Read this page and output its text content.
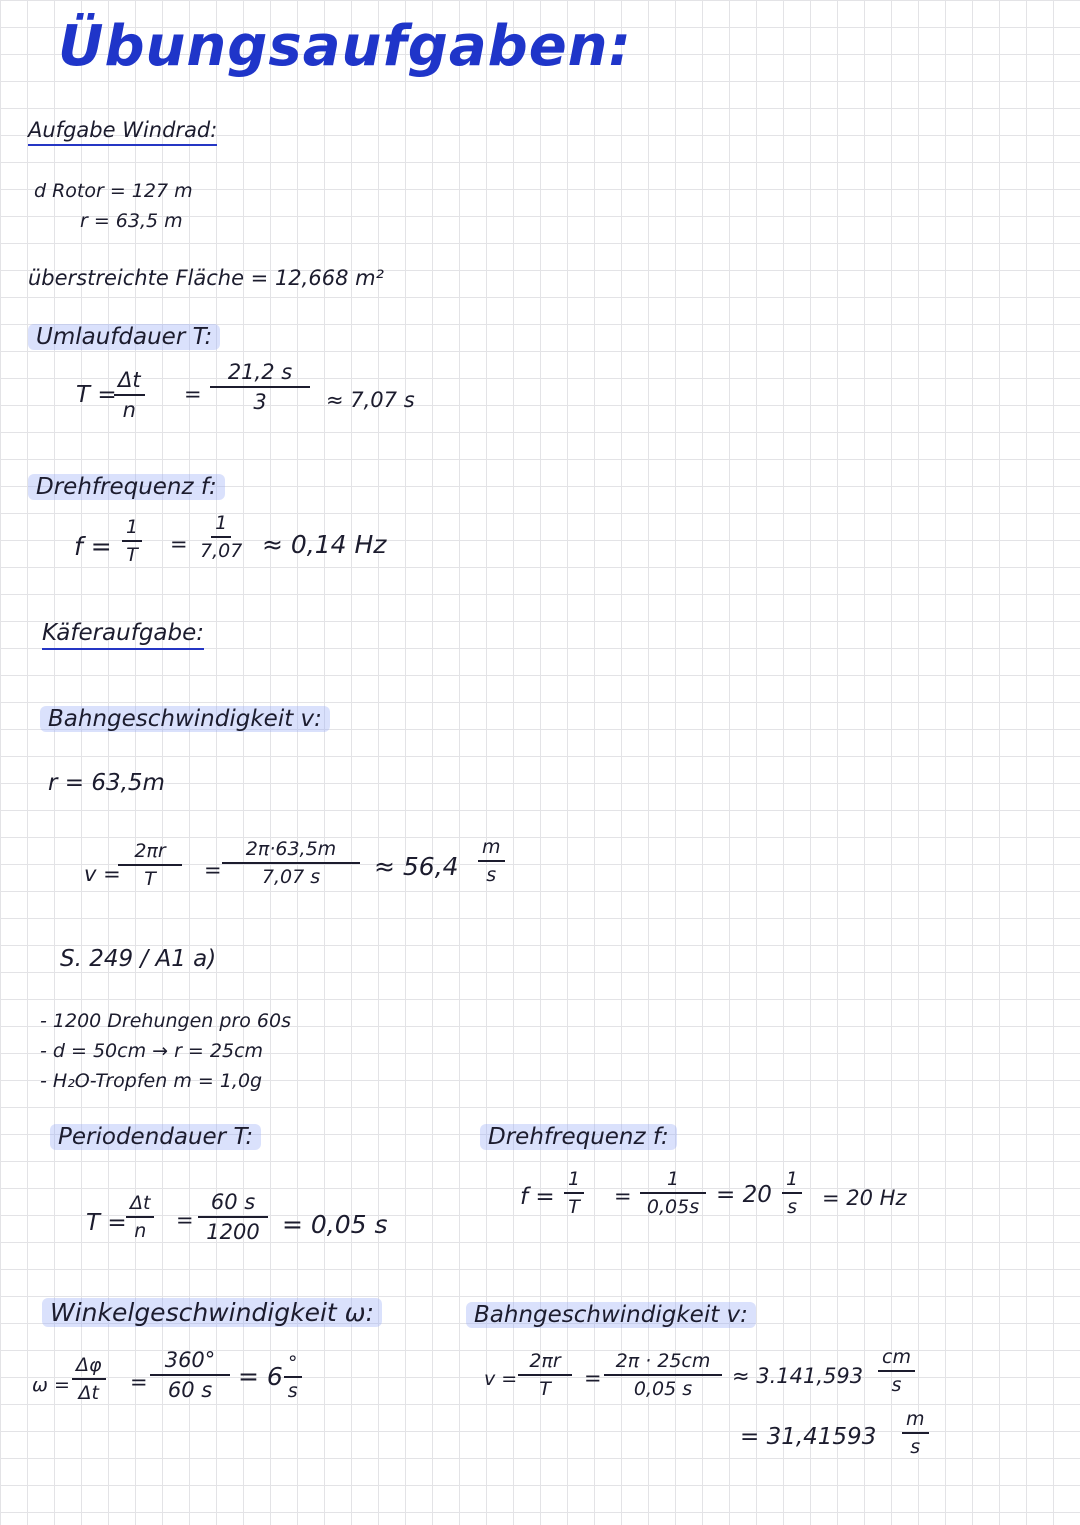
Übungsaufgaben:
Aufgabe Windrad:
d Rotor = 127 m
r = 63,5 m
überstreichte Fläche = 12,668 m²
Umlaufdauer T:
T =
$\frac{\Delta t}{n} = \frac{21,2 s}{3} \approx 7,07$ s
Drehfrequenz f:
$f = \frac{1}{T} = \frac{1}{7,07} \approx 0,14$ Hz
Käferaufgabe:
Bahngeschwindigkeit v:
r = 63,5m
v =
$\frac{2\pi r}{T} = \frac{2\pi\cdot 63,5m}{7,07 s} \approx 56,4 \frac{m}{s}$
S. 249 / A1 a)
- 1200 Drehungen pro 60s
- d = 50cm → r = 25cm
- H₂O-Tropfen m = 1,0g
Periodendauer T:
$T = \frac{\Delta t}{n} = \frac{60 s}{1200} = 0,05$ s
Drehfrequenz f:
$f = \frac{1}{T} = \frac{1}{0,05s} = 20 \frac{1}{s} = 20$ Hz
Winkelgeschwindigkeit ω:
$\omega = \frac{\Delta\varphi}{\Delta t} = \frac{360^\circ}{60 s} = 6$ °
s
Bahngeschwindigkeit v:
$v = \frac{2\pi r}{T} = \frac{2\pi \cdot 25cm}{0,05 s} \approx 3.141,593 \frac{cm}{s}$
= $31,41593 \frac{m}{s}$
